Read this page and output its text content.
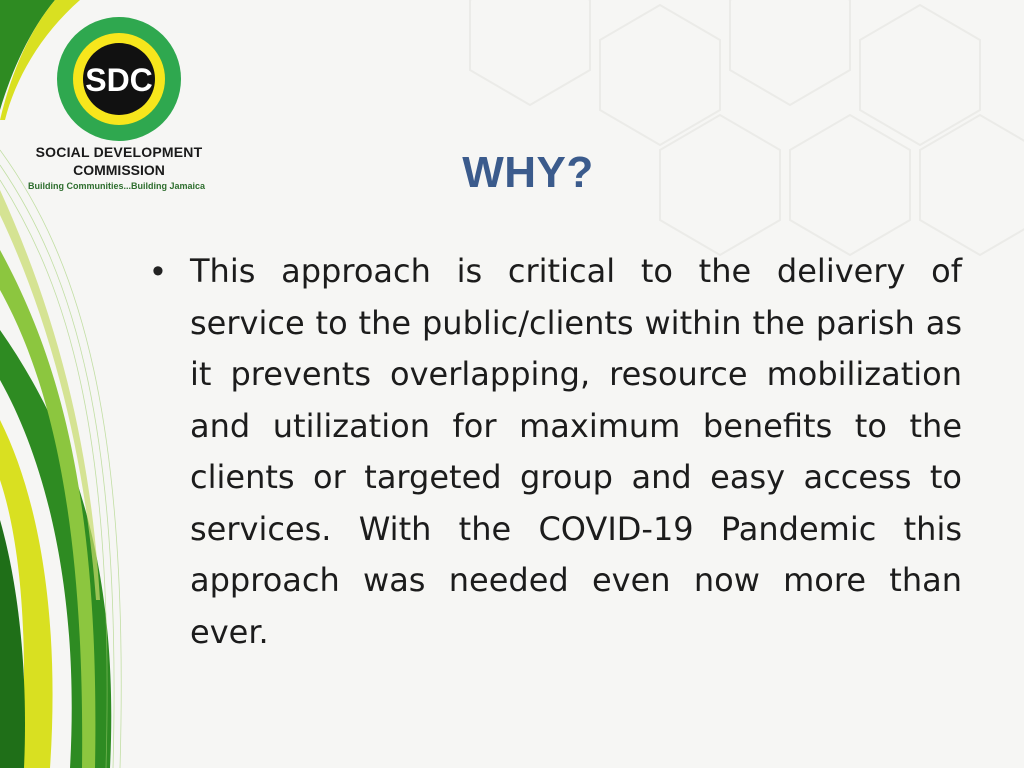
SDC
SOCIAL DEVELOPMENT
COMMISSION
Building Communities...Building Jamaica	WHY?
• This approach is critical to the delivery of service to the public/clients within the parish as it prevents overlapping, resource mobilization and utilization for maximum benefits to the clients or targeted group and easy access to services. With the COVID-19 Pandemic this approach was needed even now more than ever.
